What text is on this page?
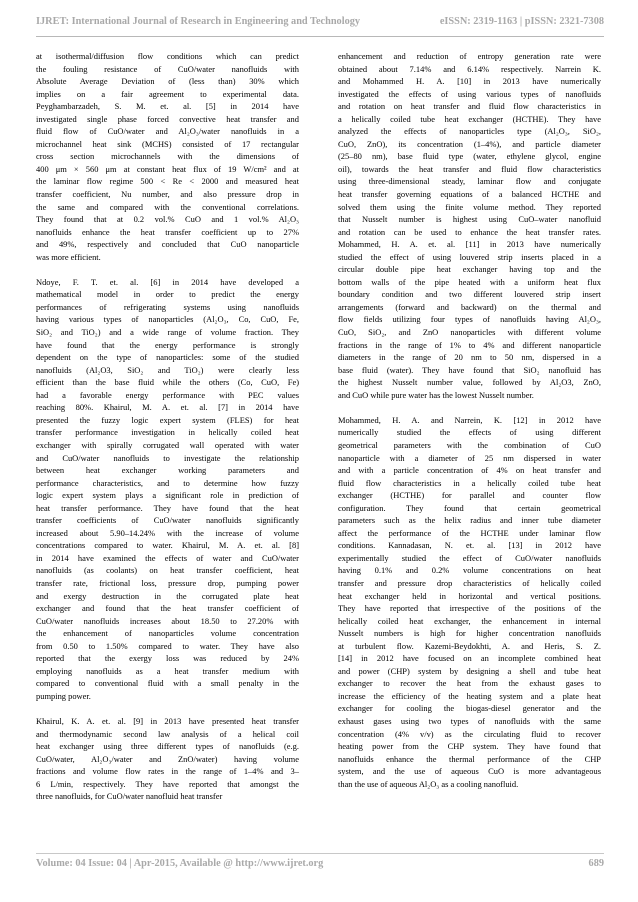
IJRET: International Journal of Research in Engineering and Technology	eISSN: 2319-1163 | pISSN: 2321-7308
at isothermal/diffusion flow conditions which can predict
the fouling resistance of CuO/water nanofluids with
Absolute Average Deviation of (less than) 30% which
implies on a fair agreement to experimental data.
Peyghambarzadeh, S. M. et. al. [5] in 2014 have
investigated single phase forced convective heat transfer and
fluid flow of CuO/water and Al₂O₃/water nanofluids in a
microchannel heat sink (MCHS) consisted of 17 rectangular
cross section microchannels with the dimensions of
400 μm × 560 μm at constant heat flux of 19 W/cm² and at
the laminar flow regime 500 < Re < 2000 and measured heat
transfer coefficient, Nu number, and also pressure drop in
the same and compared with the conventional correlations.
They found that at 0.2 vol.% CuO and 1 vol.% Al₂O₃
nanofluids enhance the heat transfer coefficient up to 27%
and 49%, respectively and concluded that CuO nanoparticle
was more efficient.
Ndoye, F. T. et. al. [6] in 2014 have developed a
mathematical model in order to predict the energy
performances of refrigerating systems using nanofluids
having various types of nanoparticles (Al₂O₃, Co, CuO, Fe,
SiO₂ and TiO₂) and a wide range of volume fraction. They
have found that the energy performance is strongly
dependent on the type of nanoparticles: some of the studied
nanofluids (Al₂O3, SiO₂ and TiO₂) were clearly less
efficient than the base fluid while the others (Co, CuO, Fe)
had a favorable energy performance with PEC values
reaching 80%. Khairul, M. A. et. al. [7] in 2014 have
presented the fuzzy logic expert system (FLES) for heat
transfer performance investigation in helically coiled heat
exchanger with spirally corrugated wall operated with water
and CuO/water nanofluids to investigate the relationship
between heat exchanger working parameters and
performance characteristics, and to determine how fuzzy
logic expert system plays a significant role in prediction of
heat transfer performance. They have found that the heat
transfer coefficients of CuO/water nanofluids significantly
increased about 5.90–14.24% with the increase of volume
concentrations compared to water. Khairul, M. A. et. al. [8]
in 2014 have examined the effects of water and CuO/water
nanofluids (as coolants) on heat transfer coefficient, heat
transfer rate, frictional loss, pressure drop, pumping power
and exergy destruction in the corrugated plate heat
exchanger and found that the heat transfer coefficient of
CuO/water nanofluids increases about 18.50 to 27.20% with
the enhancement of nanoparticles volume concentration
from 0.50 to 1.50% compared to water. They have also
reported that the exergy loss was reduced by 24%
employing nanofluids as a heat transfer medium with
compared to conventional fluid with a small penalty in the
pumping power.
Khairul, K. A. et. al. [9] in 2013 have presented heat transfer
and thermodynamic second law analysis of a helical coil
heat exchanger using three different types of nanofluids (e.g.
CuO/water, Al₂O₃/water and ZnO/water) having volume
fractions and volume flow rates in the range of 1–4% and 3–
6 L/min, respectively. They have reported that amongst the
three nanofluids, for CuO/water nanofluid heat transfer
enhancement and reduction of entropy generation rate were
obtained about 7.14% and 6.14% respectively. Narrein K.
and Mohammed H. A. [10] in 2013 have numerically
investigated the effects of using various types of nanofluids
and rotation on heat transfer and fluid flow characteristics in
a helically coiled tube heat exchanger (HCTHE). They have
analyzed the effects of nanoparticles type (Al₂O₃, SiO₂,
CuO, ZnO), its concentration (1–4%), and particle diameter
(25–80 nm), base fluid type (water, ethylene glycol, engine
oil), towards the heat transfer and fluid flow characteristics
using three-dimensional steady, laminar flow and conjugate
heat transfer governing equations of a balanced HCTHE and
solved them using the finite volume method. They reported
that Nusselt number is highest using CuO–water nanofluid
and rotation can be used to enhance the heat transfer rates.
Mohammed, H. A. et. al. [11] in 2013 have numerically
studied the effect of using louvered strip inserts placed in a
circular double pipe heat exchanger having top and the
bottom walls of the pipe heated with a uniform heat flux
boundary condition and two different louvered strip insert
arrangements (forward and backward) on the thermal and
flow fields utilizing four types of nanofluids having Al₂O₃,
CuO, SiO₂, and ZnO nanoparticles with different volume
fractions in the range of 1% to 4% and different nanoparticle
diameters in the range of 20 nm to 50 nm, dispersed in a
base fluid (water). They have found that SiO₂ nanofluid has
the highest Nusselt number value, followed by Al₂O3, ZnO,
and CuO while pure water has the lowest Nusselt number.
Mohammed, H. A. and Narrein, K. [12] in 2012 have
numerically studied the effects of using different
geometrical parameters with the combination of CuO
nanoparticle with a diameter of 25 nm dispersed in water
and with a particle concentration of 4% on heat transfer and
fluid flow characteristics in a helically coiled tube heat
exchanger (HCTHE) for parallel and counter flow
configuration. They found that certain geometrical
parameters such as the helix radius and inner tube diameter
affect the performance of the HCTHE under laminar flow
conditions. Kannadasan, N. et. al. [13] in 2012 have
experimentally studied the effect of CuO/water nanofluids
having 0.1% and 0.2% volume concentrations on heat
transfer and pressure drop characteristics of helically coiled
heat exchanger held in horizontal and vertical positions.
They have reported that irrespective of the positions of the
helically coiled heat exchanger, the enhancement in internal
Nusselt numbers is high for higher concentration nanofluids
at turbulent flow. Kazemi-Beydokhti, A. and Heris, S. Z.
[14] in 2012 have focused on an incomplete combined heat
and power (CHP) system by designing a shell and tube heat
exchanger to recover the heat from the exhaust gases to
increase the efficiency of the heating system and a plate heat
exchanger for cooling the biogas-diesel generator and the
exhaust gases using two types of nanofluids with the same
concentration (4% v/v) as the circulating fluid to recover
heating power from the CHP system. They have found that
nanofluids enhance the thermal performance of the CHP
system, and the use of aqueous CuO is more advantageous
than the use of aqueous Al₂O₃ as a cooling nanofluid.
Volume: 04 Issue: 04 | Apr-2015, Available @ http://www.ijret.org	689
